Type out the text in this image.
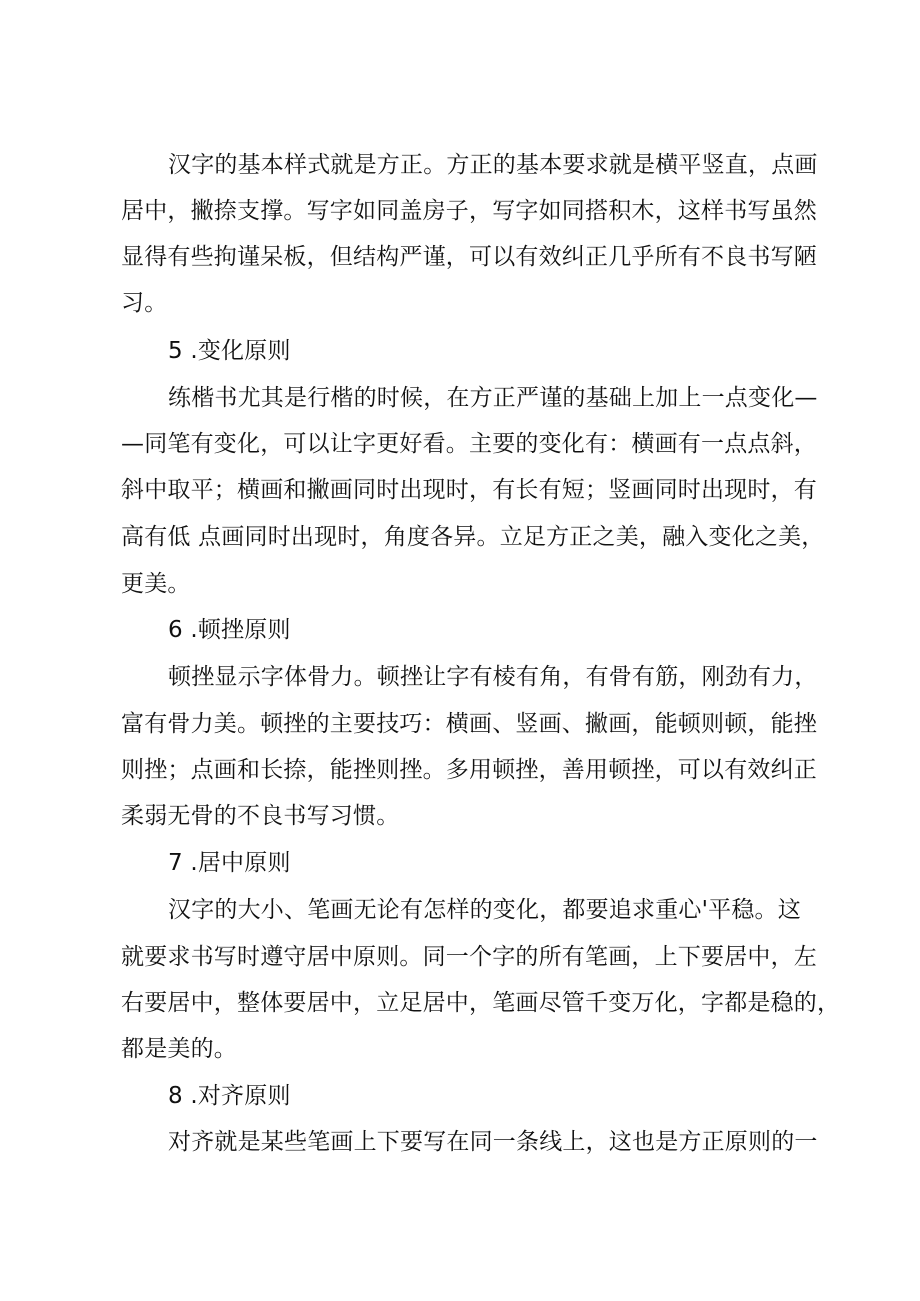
汉字的基本样式就是方正。方正的基本要求就是横平竖直，点画
居中，撇捺支撑。写字如同盖房子，写字如同搭积木，这样书写虽然
显得有些拘谨呆板，但结构严谨，可以有效纠正几乎所有不良书写陋
习。
5 .变化原则
练楷书尤其是行楷的时候，在方正严谨的基础上加上一点变化—
—同笔有变化，可以让字更好看。主要的变化有：横画有一点点斜，
斜中取平；横画和撇画同时出现时，有长有短；竖画同时出现时，有
高有低 点画同时出现时，角度各异。立足方正之美，融入变化之美，
更美。
6 .顿挫原则
顿挫显示字体骨力。顿挫让字有棱有角，有骨有筋，刚劲有力，
富有骨力美。顿挫的主要技巧：横画、竖画、撇画，能顿则顿，能挫
则挫；点画和长捺，能挫则挫。多用顿挫，善用顿挫，可以有效纠正
柔弱无骨的不良书写习惯。
7 .居中原则
汉字的大小、笔画无论有怎样的变化，都要追求重心'平稳。这
就要求书写时遵守居中原则。同一个字的所有笔画，上下要居中，左
右要居中，整体要居中，立足居中，笔画尽管千变万化，字都是稳的，
都是美的。
8 .对齐原则
对齐就是某些笔画上下要写在同一条线上，这也是方正原则的一
